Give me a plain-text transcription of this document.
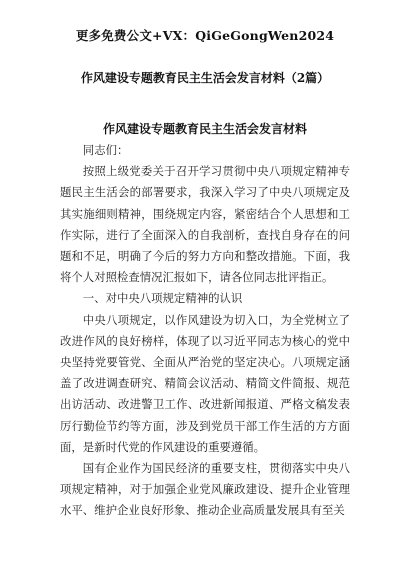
更多免费公文+VX：QiGeGongWen2024
作风建设专题教育民主生活会发言材料（2篇）
作风建设专题教育民主生活会发言材料

同志们：

按照上级党委关于召开学习贯彻中央八项规定精神专题民主生活会的部署要求，我深入学习了中央八项规定及其实施细则精神，围绕规定内容，紧密结合个人思想和工作实际，进行了全面深入的自我剖析，查找自身存在的问题和不足，明确了今后的努力方向和整改措施。下面，我将个人对照检查情况汇报如下，请各位同志批评指正。

一、对中央八项规定精神的认识

中央八项规定，以作风建设为切入口，为全党树立了改进作风的良好榜样，体现了以习近平同志为核心的党中央坚持党要管党、全面从严治党的坚定决心。八项规定涵盖了改进调查研究、精简会议活动、精简文件简报、规范出访活动、改进警卫工作、改进新闻报道、严格文稿发表厉行勤俭节约等方面，涉及到党员干部工作生活的方方面面，是新时代党的作风建设的重要遵循。

国有企业作为国民经济的重要支柱，贯彻落实中央八项规定精神，对于加强企业党风廉政建设、提升企业管理水平、维护企业良好形象、推动企业高质量发展具有至关
